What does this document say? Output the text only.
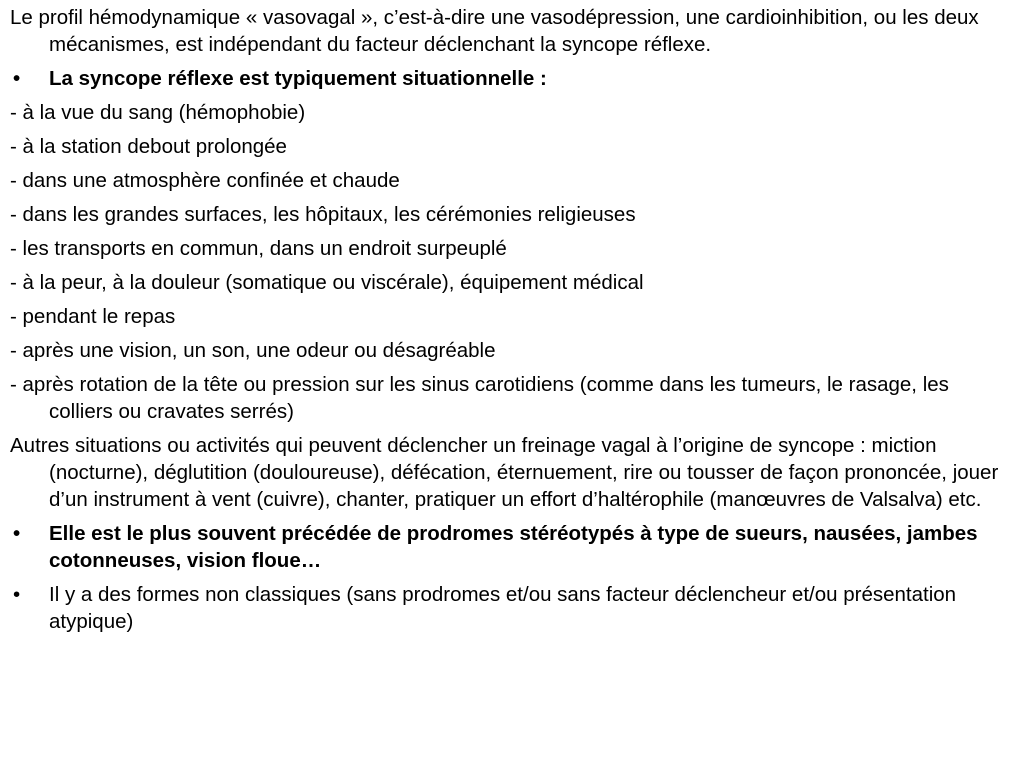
Le profil hémodynamique « vasovagal », c’est-à-dire une vasodépression, une cardioinhibition, ou les deux mécanismes, est indépendant du facteur déclenchant la syncope réflexe.

•	La syncope réflexe est typiquement situationnelle :

- à la vue du sang (hémophobie)

- à la station debout prolongée

- dans une atmosphère confinée et chaude

- dans les grandes surfaces, les hôpitaux, les cérémonies religieuses

- les transports en commun, dans un endroit surpeuplé

- à la peur, à la douleur (somatique ou viscérale), équipement médical

- pendant le repas

- après une vision, un son, une odeur ou désagréable

- après rotation de la tête ou pression sur les sinus carotidiens (comme dans les tumeurs, le rasage, les colliers ou cravates serrés)

Autres situations ou activités qui peuvent déclencher un freinage vagal à l’origine de syncope : miction (nocturne), déglutition (douloureuse), défécation, éternuement, rire ou tousser de façon prononcée, jouer d’un instrument à vent (cuivre), chanter, pratiquer un effort d’haltérophile (manœuvres de Valsalva) etc.

•	Elle est le plus souvent précédée de prodromes stéréotypés à type de sueurs, nausées, jambes cotonneuses, vision floue…

•	Il y a des formes non classiques (sans prodromes et/ou sans facteur déclencheur et/ou présentation atypique)
